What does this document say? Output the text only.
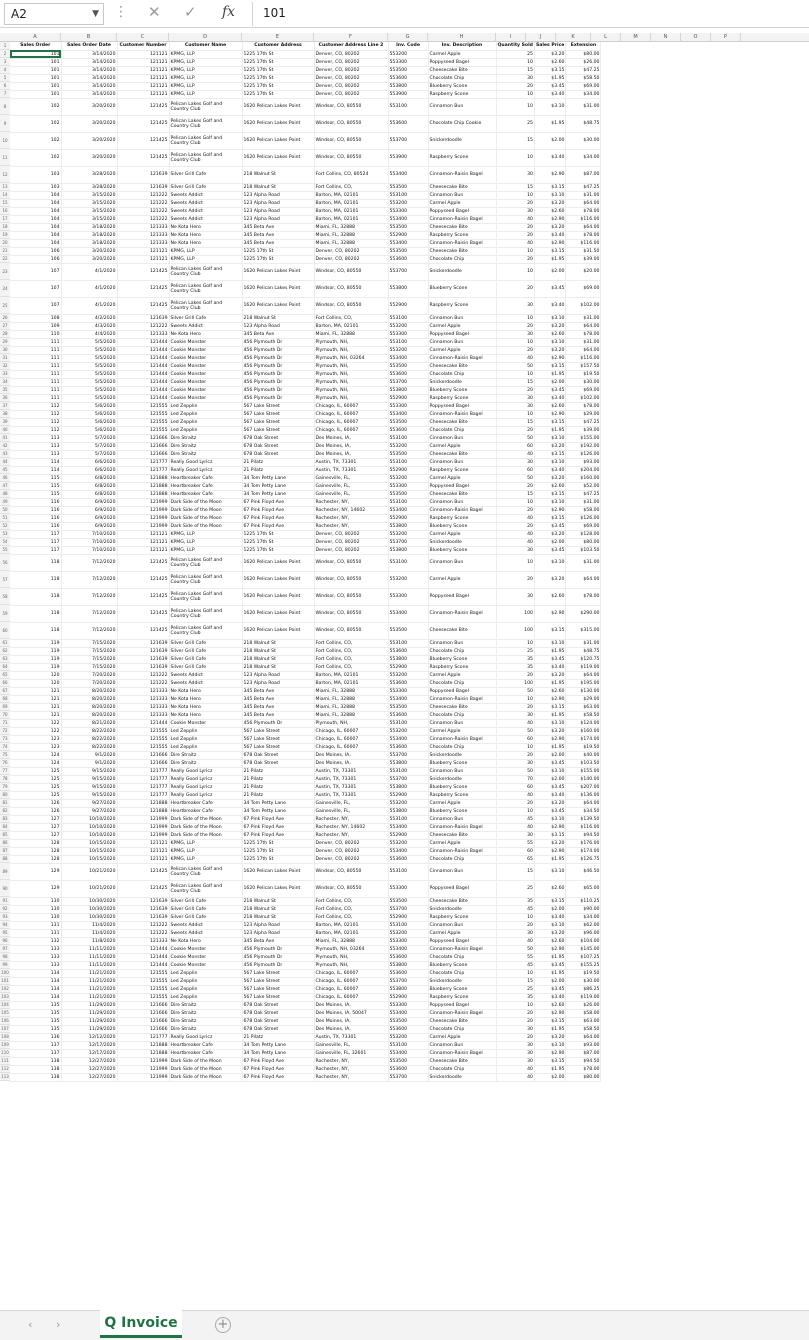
A2	▼ ⋮ ✕ ✓ fx	101
A	B	C	D	E	F	G	H	I	J	K	L	M	N	O	P
1
2
3
4
5
6
7
8
9
10
11
12
13
14
15
16
17
18
19
20
21
22
23
24
25
26
27
28
29
30
31
32
33
34
35
36
37
38
39
40
41
42
43
44
45
46
47
48
49
50
51
52
53
54
55
56
57
58
59
60
61
62
63
64
65
66
67
68
69
70
71
72
73
74
75
76
77
78
79
80
81
82
83
84
85
86
87
88
89
90
91
92
93
94
95
96
97
98
99
100
101
102
103
104
105
106
107
108
109
110
111
112
113
Sales Order	Sales Order Date	Customer Number	Customer Name	Customer Address	Customer Address Line 2	Inv. Code	Inv. Description	Quantity Sold	Sales Price	Extension
101	3/14/2020	121121	KPMG, LLP	1225 17th St	Denver, CO, 80202	553200	Carmel Apple	25	$3.20	$80.00
101	3/14/2020	121121	KPMG, LLP	1225 17th St	Denver, CO, 80202	553300	Poppyseed Bagel	10	$2.60	$26.00
101	3/14/2020	121121	KPMG, LLP	1225 17th St	Denver, CO, 80202	553500	Cheesecake Bite	15	$3.15	$47.25
101	3/14/2020	121121	KPMG, LLP	1225 17th St	Denver, CO, 80202	553600	Chocolate Chip	30	$1.95	$58.50
101	3/14/2020	121121	KPMG, LLP	1225 17th St	Denver, CO, 80202	553800	Blueberry Scone	20	$3.45	$69.00
101	3/14/2020	121121	KPMG, LLP	1225 17th St	Denver, CO, 80202	553900	Raspberry Scone	10	$3.40	$34.00
102	3/20/2020	121425	Pelican Lakes Golf and Country Club	1620 Pelican Lakes Point	Windsor, CO, 80550	553100	Cinnamon Bun	10	$3.10	$31.00
102	3/20/2020	121425	Pelican Lakes Golf and Country Club	1620 Pelican Lakes Point	Windsor, CO, 80550	553600	Chocolate Chip Cookie	25	$1.95	$48.75
102	3/20/2020	121425	Pelican Lakes Golf and Country Club	1620 Pelican Lakes Point	Windsor, CO, 80550	553700	Snickerdoodle	15	$2.00	$30.00
102	3/20/2020	121425	Pelican Lakes Golf and Country Club	1620 Pelican Lakes Point	Windsor, CO, 80550	553900	Raspberry Scone	10	$3.40	$34.00
103	3/28/2020	121639	Silver Grill Cafe	218 Walnut St	Fort Collins, CO, 80524	553400	Cinnamon-Raisin Bagel	30	$2.90	$87.00
103	3/28/2020	121639	Silver Grill Cafe	218 Walnut St	Fort Collins, CO,	553500	Cheesecake Bite	15	$3.15	$47.25
104	3/15/2020	121222	Sweets Addict	123 Alpha Road	Barton, MA, 02101	553100	Cinnamon Bun	10	$3.10	$31.00
104	3/15/2020	121222	Sweets Addict	123 Alpha Road	Barton, MA, 02101	553200	Carmel Apple	20	$3.20	$64.00
104	3/15/2020	121222	Sweets Addict	123 Alpha Road	Barton, MA, 02101	553300	Poppyseed Bagel	30	$2.60	$78.00
104	3/15/2020	121222	Sweets Addict	123 Alpha Road	Barton, MA, 02101	553400	Cinnamon-Raisin Bagel	40	$2.90	$116.00
104	3/18/2020	121333	Ne Kota Hero	345 Beta Ave	Miami, FL, 32888	553500	Cheesecake Bite	20	$3.20	$64.00
104	3/18/2020	121333	Ne Kota Hero	345 Beta Ave	Miami, FL, 32888	552900	Raspberry Scone	20	$3.40	$78.00
104	3/18/2020	121333	Ne Kota Hero	345 Beta Ave	Miami, FL, 32888	553400	Cinnamon-Raisin Bagel	40	$2.90	$116.00
106	3/20/2020	121121	KPMG, LLP	1225 17th St	Denver, CO, 80202	553500	Cheesecake Bite	10	$3.15	$31.50
106	3/20/2020	121121	KPMG, LLP	1225 17th St	Denver, CO, 80202	553600	Chocolate Chip	20	$1.95	$39.00
107	4/1/2020	121425	Pelican Lakes Golf and Country Club	1620 Pelican Lakes Point	Windsor, CO, 80550	553700	Snickerdoodle	10	$2.00	$20.00
107	4/1/2020	121425	Pelican Lakes Golf and Country Club	1620 Pelican Lakes Point	Windsor, CO, 80550	553800	Blueberry Scone	20	$3.45	$69.00
107	4/1/2020	121425	Pelican Lakes Golf and Country Club	1620 Pelican Lakes Point	Windsor, CO, 80550	552900	Raspberry Scone	30	$3.40	$102.00
108	4/2/2020	121639	Silver Grill Cafe	218 Walnut St	Fort Collins, CO,	553100	Cinnamon Bun	10	$3.10	$31.00
109	4/3/2020	121222	Sweets Addict	123 Alpha Road	Barton, MA, 02101	553200	Carmel Apple	20	$3.20	$64.00
110	4/4/2020	121333	Ne Kota Hero	345 Beta Ave	Miami, FL, 32888	553300	Poppyseed Bagel	30	$2.60	$78.00
111	5/5/2020	121444	Cookie Monster	456 Plymouth Dr	Plymouth, NH,	553100	Cinnamon Bun	10	$3.10	$31.00
111	5/5/2020	121444	Cookie Monster	456 Plymouth Dr	Plymouth, NH,	553200	Carmel Apple	20	$3.20	$64.00
111	5/5/2020	121444	Cookie Monster	456 Plymouth Dr	Plymouth, NH, 03264	553400	Cinnamon-Raisin Bagel	40	$2.90	$116.00
111	5/5/2020	121444	Cookie Monster	456 Plymouth Dr	Plymouth, NH,	553500	Cheesecake Bite	50	$3.15	$157.50
111	5/5/2020	121444	Cookie Monster	456 Plymouth Dr	Plymouth, NH,	553600	Chocolate Chip	10	$1.95	$19.50
111	5/5/2020	121444	Cookie Monster	456 Plymouth Dr	Plymouth, NH,	553700	Snickerdoodle	15	$2.00	$30.00
111	5/5/2020	121444	Cookie Monster	456 Plymouth Dr	Plymouth, NH,	553800	Blueberry Scone	20	$3.45	$69.00
111	5/5/2020	121444	Cookie Monster	456 Plymouth Dr	Plymouth, NH,	552900	Raspberry Scone	30	$3.40	$102.00
112	5/6/2020	121555	Led Zepplin	567 Lake Street	Chicago, IL, 60007	553300	Poppyseed Bagel	30	$2.60	$78.00
112	5/6/2020	121555	Led Zepplin	567 Lake Street	Chicago, IL, 60007	553400	Cinnamon-Raisin Bagel	10	$2.90	$29.00
112	5/6/2020	121555	Led Zepplin	567 Lake Street	Chicago, IL, 60007	553500	Cheesecake Bite	15	$3.15	$47.25
112	5/6/2020	121555	Led Zepplin	567 Lake Street	Chicago, IL, 60007	553600	Chocolate Chip	20	$1.95	$39.00
113	5/7/2020	121666	Dire Straitz	678 Oak Street	Des Moines, IA,	553100	Cinnamon Bun	50	$3.10	$155.00
113	5/7/2020	121666	Dire Straitz	678 Oak Street	Des Moines, IA,	553200	Carmel Apple	60	$3.20	$192.00
113	5/7/2020	121666	Dire Straitz	678 Oak Street	Des Moines, IA,	553500	Cheesecake Bite	40	$3.15	$126.00
114	6/6/2020	121777	Really Good Lyricz	21 Pilatz	Austin, TX, 73301	553100	Cinnamon Bun	30	$3.10	$93.00
114	6/6/2020	121777	Really Good Lyricz	21 Pilatz	Austin, TX, 73301	552900	Raspberry Scone	60	$3.40	$204.00
115	6/8/2020	121888	Heartbreaker Cafe	34 Tom Petty Lane	Gainesville, FL,	553200	Carmel Apple	50	$3.20	$160.00
115	6/8/2020	121888	Heartbreaker Cafe	34 Tom Petty Lane	Gainesville, FL,	553300	Poppyseed Bagel	20	$2.60	$52.00
115	6/8/2020	121888	Heartbreaker Cafe	34 Tom Petty Lane	Gainesville, FL,	553500	Cheesecake Bite	15	$3.15	$47.25
116	6/9/2020	121999	Dark Side of the Moon	67 Pink Floyd Ave	Rochester, NY,	553100	Cinnamon Bun	10	$3.10	$31.00
116	6/9/2020	121999	Dark Side of the Moon	67 Pink Floyd Ave	Rochester, NY, 14602	553400	Cinnamon-Raisin Bagel	20	$2.90	$58.00
116	6/9/2020	121999	Dark Side of the Moon	67 Pink Floyd Ave	Rochester, NY,	552900	Raspberry Scone	40	$3.15	$126.00
116	6/9/2020	121999	Dark Side of the Moon	67 Pink Floyd Ave	Rochester, NY,	553800	Blueberry Scone	20	$3.45	$69.00
117	7/10/2020	121121	KPMG, LLP	1225 17th St	Denver, CO, 80202	553200	Carmel Apple	40	$3.20	$128.00
117	7/10/2020	121121	KPMG, LLP	1225 17th St	Denver, CO, 80202	553700	Snickerdoodle	40	$2.00	$80.00
117	7/10/2020	121121	KPMG, LLP	1225 17th St	Denver, CO, 80202	553800	Blueberry Scone	30	$3.45	$103.50
118	7/12/2020	121425	Pelican Lakes Golf and Country Club	1620 Pelican Lakes Point	Windsor, CO, 80550	553100	Cinnamon Bun	10	$3.10	$31.00
118	7/12/2020	121425	Pelican Lakes Golf and Country Club	1620 Pelican Lakes Point	Windsor, CO, 80550	553200	Carmel Apple	20	$3.20	$64.00
118	7/12/2020	121425	Pelican Lakes Golf and Country Club	1620 Pelican Lakes Point	Windsor, CO, 80550	553300	Poppyseed Bagel	30	$2.60	$78.00
118	7/12/2020	121425	Pelican Lakes Golf and Country Club	1620 Pelican Lakes Point	Windsor, CO, 80550	553400	Cinnamon-Raisin Bagel	100	$2.90	$290.00
118	7/12/2020	121425	Pelican Lakes Golf and Country Club	1620 Pelican Lakes Point	Windsor, CO, 80550	553500	Cheesecake Bite	100	$3.15	$315.00
119	7/15/2020	121639	Silver Grill Cafe	218 Walnut St	Fort Collins, CO,	553100	Cinnamon Bun	10	$3.10	$31.00
119	7/15/2020	121639	Silver Grill Cafe	218 Walnut St	Fort Collins, CO,	553600	Chocolate Chip	25	$1.95	$48.75
119	7/15/2020	121639	Silver Grill Cafe	218 Walnut St	Fort Collins, CO,	553800	Blueberry Scone	35	$3.45	$120.75
119	7/15/2020	121639	Silver Grill Cafe	218 Walnut St	Fort Collins, CO,	552900	Raspberry Scone	35	$3.40	$119.00
120	7/20/2020	121222	Sweets Addict	123 Alpha Road	Barton, MA, 02101	553200	Carmel Apple	20	$3.20	$64.00
120	7/20/2020	121222	Sweets Addict	123 Alpha Road	Barton, MA, 02101	553600	Chocolate Chip	100	$1.95	$195.00
121	8/20/2020	121333	Ne Kota Hero	345 Beta Ave	Miami, FL, 32888	553300	Poppyseed Bagel	50	$2.60	$130.00
121	8/20/2020	121333	Ne Kota Hero	345 Beta Ave	Miami, FL, 32888	553400	Cinnamon-Raisin Bagel	10	$2.90	$29.00
121	8/20/2020	121333	Ne Kota Hero	345 Beta Ave	Miami, FL, 32888	553500	Cheesecake Bite	20	$3.15	$63.00
121	8/20/2020	121333	Ne Kota Hero	345 Beta Ave	Miami, FL, 32888	553600	Chocolate Chip	30	$1.95	$58.50
122	8/21/2020	121444	Cookie Monster	456 Plymouth Dr	Plymouth, NH,	553100	Cinnamon Bun	40	$3.10	$124.00
122	8/22/2020	121555	Led Zepplin	567 Lake Street	Chicago, IL, 60007	553200	Carmel Apple	50	$3.20	$160.00
123	8/22/2020	121555	Led Zepplin	567 Lake Street	Chicago, IL, 60007	553400	Cinnamon-Raisin Bagel	60	$2.90	$174.00
123	8/22/2020	121555	Led Zepplin	567 Lake Street	Chicago, IL, 60007	553600	Chocolate Chip	10	$1.95	$19.50
124	9/1/2020	121666	Dire Straitz	678 Oak Street	Des Moines, IA,	553700	Snickerdoodle	20	$2.00	$40.00
124	9/1/2020	121666	Dire Straitz	678 Oak Street	Des Moines, IA,	553800	Blueberry Scone	30	$3.45	$103.50
125	9/15/2020	121777	Really Good Lyricz	21 Pilatz	Austin, TX, 73301	553100	Cinnamon Bun	50	$3.10	$155.00
125	9/15/2020	121777	Really Good Lyricz	21 Pilatz	Austin, TX, 73301	553700	Snickerdoodle	70	$2.00	$140.00
125	9/15/2020	121777	Really Good Lyricz	21 Pilatz	Austin, TX, 73301	553800	Blueberry Scone	60	$3.45	$207.00
125	9/15/2020	121777	Really Good Lyricz	21 Pilatz	Austin, TX, 73301	552900	Raspberry Scone	40	$3.40	$136.00
126	9/27/2020	121888	Heartbreaker Cafe	34 Tom Petty Lane	Gainesville, FL,	553200	Carmel Apple	20	$3.20	$64.00
126	9/27/2020	121888	Heartbreaker Cafe	34 Tom Petty Lane	Gainesville, FL,	553800	Blueberry Scone	10	$3.45	$34.50
127	10/10/2020	121999	Dark Side of the Moon	67 Pink Floyd Ave	Rochester, NY,	553100	Cinnamon Bun	45	$3.10	$139.50
127	10/10/2020	121999	Dark Side of the Moon	67 Pink Floyd Ave	Rochester, NY, 14602	553400	Cinnamon-Raisin Bagel	40	$2.90	$116.00
127	10/10/2020	121999	Dark Side of the Moon	67 Pink Floyd Ave	Rochester, NY,	552900	Cheesecake Bite	30	$3.15	$94.50
128	10/15/2020	121121	KPMG, LLP	1225 17th St	Denver, CO, 80202	553200	Carmel Apple	55	$3.20	$176.00
128	10/15/2020	121121	KPMG, LLP	1225 17th St	Denver, CO, 80202	553400	Cinnamon-Raisin Bagel	60	$2.90	$174.00
128	10/15/2020	121121	KPMG, LLP	1225 17th St	Denver, CO, 80202	553600	Chocolate Chip	65	$1.95	$126.75
129	10/21/2020	121425	Pelican Lakes Golf and Country Club	1620 Pelican Lakes Point	Windsor, CO, 80550	553100	Cinnamon Bun	15	$3.10	$46.50
129	10/21/2020	121425	Pelican Lakes Golf and Country Club	1620 Pelican Lakes Point	Windsor, CO, 80550	553300	Poppyseed Bagel	25	$2.60	$65.00
130	10/30/2020	121639	Silver Grill Cafe	218 Walnut St	Fort Collins, CO,	553500	Cheesecake Bite	35	$3.15	$110.25
130	10/30/2020	121639	Silver Grill Cafe	218 Walnut St	Fort Collins, CO,	553700	Snickerdoodle	45	$2.00	$90.00
130	10/30/2020	121639	Silver Grill Cafe	218 Walnut St	Fort Collins, CO,	552900	Raspberry Scone	10	$3.40	$34.00
131	11/4/2020	121222	Sweets Addict	123 Alpha Road	Barton, MA, 02101	553100	Cinnamon Bun	20	$3.10	$62.00
131	11/4/2020	121222	Sweets Addict	123 Alpha Road	Barton, MA, 02101	553200	Carmel Apple	30	$3.20	$96.00
132	11/8/2020	121333	Ne Kota Hero	345 Beta Ave	Miami, FL, 32888	553300	Poppyseed Bagel	40	$2.60	$104.00
133	11/11/2020	121444	Cookie Monster	456 Plymouth Dr	Plymouth, NH, 03264	553400	Cinnamon-Raisin Bagel	50	$2.90	$145.00
133	11/11/2020	121444	Cookie Monster	456 Plymouth Dr	Plymouth, NH,	553600	Chocolate Chip	55	$1.95	$107.25
133	11/11/2020	121444	Cookie Monster	456 Plymouth Dr	Plymouth, NH,	553800	Blueberry Scone	45	$3.45	$155.25
134	11/21/2020	121555	Led Zepplin	567 Lake Street	Chicago, IL, 60007	553600	Chocolate Chip	10	$1.95	$19.50
134	11/21/2020	121555	Led Zepplin	567 Lake Street	Chicago, IL, 60007	553700	Snickerdoodle	15	$2.00	$30.00
134	11/21/2020	121555	Led Zepplin	567 Lake Street	Chicago, IL, 60007	553800	Blueberry Scone	25	$3.45	$86.25
134	11/21/2020	121555	Led Zepplin	567 Lake Street	Chicago, IL, 60007	552900	Raspberry Scone	35	$3.40	$119.00
135	11/29/2020	121666	Dire Straitz	678 Oak Street	Des Moines, IA,	553300	Poppyseed Bagel	10	$2.60	$26.00
135	11/29/2020	121666	Dire Straitz	678 Oak Street	Des Moines, IA, 50047	553400	Cinnamon-Raisin Bagel	20	$2.90	$58.00
135	11/29/2020	121666	Dire Straitz	678 Oak Street	Des Moines, IA,	553500	Cheesecake Bite	20	$3.15	$63.00
135	11/29/2020	121666	Dire Straitz	678 Oak Street	Des Moines, IA,	553600	Chocolate Chip	30	$1.95	$58.50
136	12/12/2020	121777	Really Good Lyricz	21 Pilatz	Austin, TX, 73301	553200	Carmel Apple	20	$3.20	$64.00
137	12/17/2020	121888	Heartbreaker Cafe	34 Tom Petty Lane	Gainesville, FL,	553100	Cinnamon Bun	30	$3.10	$93.00
137	12/17/2020	121888	Heartbreaker Cafe	34 Tom Petty Lane	Gainesville, FL, 32601	553400	Cinnamon-Raisin Bagel	30	$2.90	$87.00
138	12/27/2020	121999	Dark Side of the Moon	67 Pink Floyd Ave	Rochester, NY,	553500	Cheesecake Bite	30	$3.15	$94.50
138	12/27/2020	121999	Dark Side of the Moon	67 Pink Floyd Ave	Rochester, NY,	553600	Chocolate Chip	40	$1.95	$78.00
138	12/27/2020	121999	Dark Side of the Moon	67 Pink Floyd Ave	Rochester, NY,	553700	Snickerdoodle	40	$2.00	$80.00
‹ ›	Q Invoice	+
